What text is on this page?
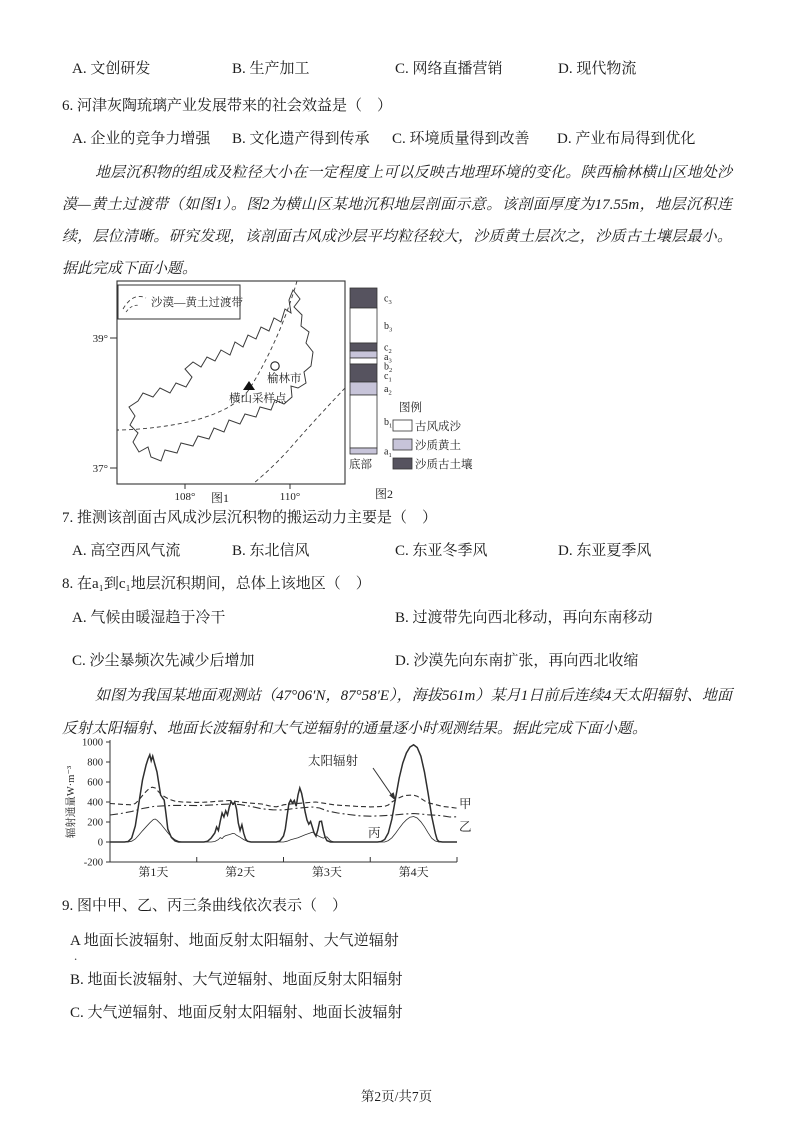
A. 文创研发	B. 生产加工	C. 网络直播营销	D. 现代物流
6. 河津灰陶琉璃产业发展带来的社会效益是（　）
A. 企业的竞争力增强	B. 文化遗产得到传承	C. 环境质量得到改善	D. 产业布局得到优化
地层沉积物的组成及粒径大小在一定程度上可以反映古地理环境的变化。陕西榆林横山区地处沙漠—黄土过渡带（如图1）。图2为横山区某地沉积地层剖面示意。该剖面厚度为17.55m，地层沉积连续，层位清晰。研究发现，该剖面古风成沙层平均粒径较大，沙质黄土层次之，沙质古土壤层最小。据此完成下面小题。
沙漠—黄土过渡带
39°
37°
108°	110°
榆林市
横山采样点
图1
$c_3$
$b_3$
$c_2$
$a_3$
$b_2$
$c_1$
$a_2$
$b_1$
$a_1$
底部
图例
古风成沙
沙质黄土
沙质古土壤
图2
7. 推测该剖面古风成沙层沉积物的搬运动力主要是（　）
A. 高空西风气流	B. 东北信风	C. 东亚冬季风	D. 东亚夏季风
8. 在a₁到c₁地层沉积期间，总体上该地区（　）
A. 气候由暖湿趋于冷干	B. 过渡带先向西北移动，再向东南移动
C. 沙尘暴频次先减少后增加	D. 沙漠先向东南扩张，再向西北收缩
如图为我国某地面观测站（47°06′N，87°58′E），海拔561m）某月1日前后连续4天太阳辐射、地面反射太阳辐射、地面长波辐射和大气逆辐射的通量逐小时观测结果。据此完成下面小题。
1000
800
600
400
200
0
-200
第1天	第2天	第3天	第4天
辐射通量W·m⁻³
太阳辐射
甲
乙
丙
9. 图中甲、乙、丙三条曲线依次表示（　）
A 地面长波辐射、地面反射太阳辐射、大气逆辐射
.
B. 地面长波辐射、大气逆辐射、地面反射太阳辐射
C. 大气逆辐射、地面反射太阳辐射、地面长波辐射
第2页/共7页
